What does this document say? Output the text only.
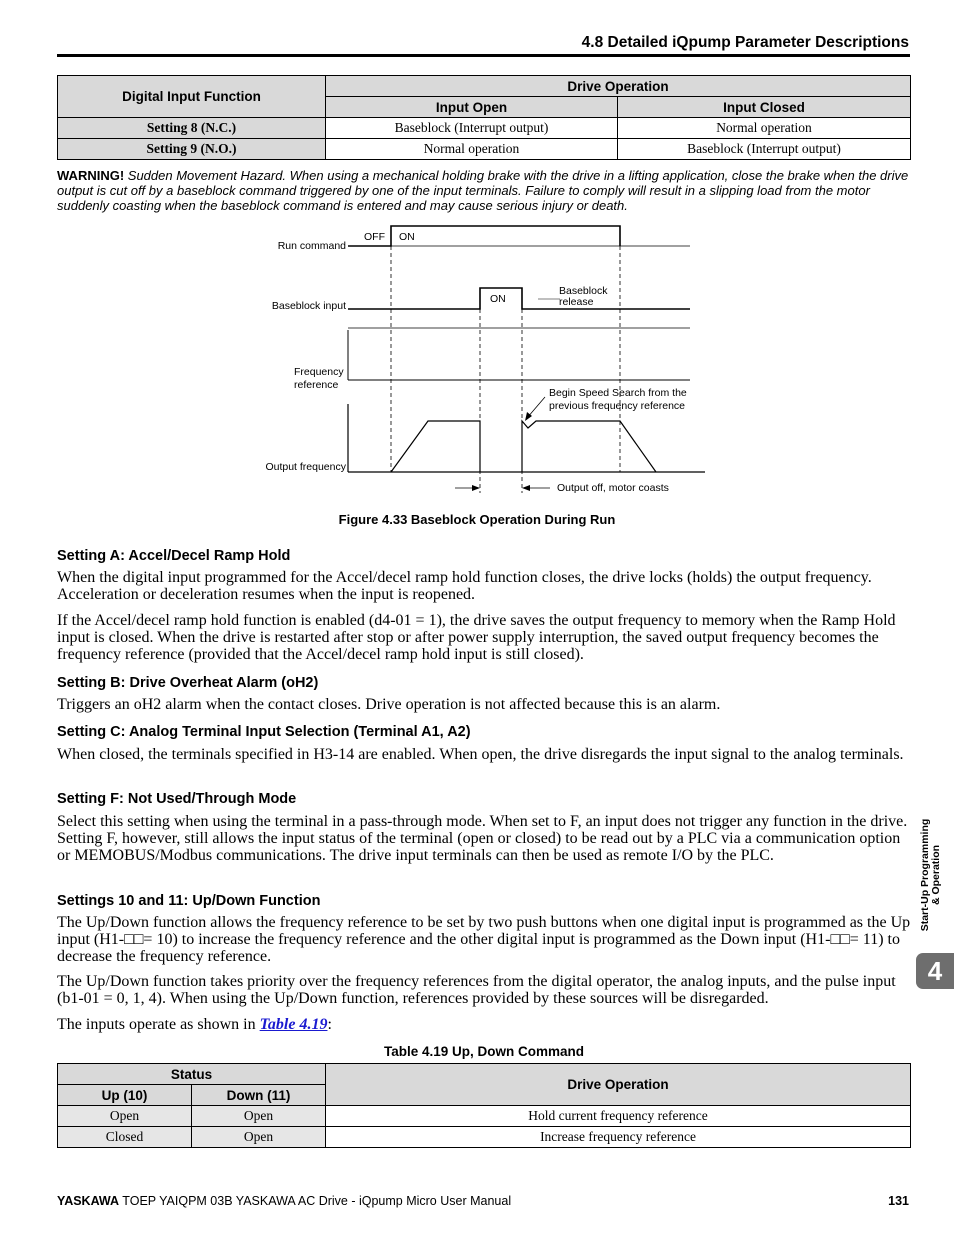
4.8 Detailed iQpump Parameter Descriptions
Digital Input Function	Drive Operation	
	Input Open	Input Closed
Setting 8 (N.C.)	Baseblock (Interrupt output)	Normal operation
Setting 9 (N.O.)	Normal operation	Baseblock (Interrupt output)
WARNING! Sudden Movement Hazard. When using a mechanical holding brake with the drive in a lifting application, close the brake when the drive output is cut off by a baseblock command triggered by one of the input terminals. Failure to comply will result in a slipping load from the motor suddenly coasting when the baseblock command is entered and may cause serious injury or death.
Run command
OFF ON
Baseblock input
ON
Baseblock
release
Frequency
reference
Begin Speed Search from the
previous frequency reference
Output frequency
Output off, motor coasts
Figure 4.33 Baseblock Operation During Run
Setting A: Accel/Decel Ramp Hold
When the digital input programmed for the Accel/decel ramp hold function closes, the drive locks (holds) the output frequency. Acceleration or deceleration resumes when the input is reopened.
If the Accel/decel ramp hold function is enabled (d4-01 = 1), the drive saves the output frequency to memory when the Ramp Hold input is closed. When the drive is restarted after stop or after power supply interruption, the saved output frequency becomes the frequency reference (provided that the Accel/decel ramp hold input is still closed).
Setting B: Drive Overheat Alarm (oH2)
Triggers an oH2 alarm when the contact closes. Drive operation is not affected because this is an alarm.
Setting C: Analog Terminal Input Selection (Terminal A1, A2)
When closed, the terminals specified in H3-14 are enabled. When open, the drive disregards the input signal to the analog terminals.
Setting F: Not Used/Through Mode
Select this setting when using the terminal in a pass-through mode. When set to F, an input does not trigger any function in the drive. Setting F, however, still allows the input status of the terminal (open or closed) to be read out by a PLC via a communication option or MEMOBUS/Modbus communications. The drive input terminals can then be used as remote I/O by the PLC.
Settings 10 and 11: Up/Down Function
The Up/Down function allows the frequency reference to be set by two push buttons when one digital input is programmed as the Up input (H1-□□= 10) to increase the frequency reference and the other digital input is programmed as the Down input (H1-□□= 11) to decrease the frequency reference.
The Up/Down function takes priority over the frequency references from the digital operator, the analog inputs, and the pulse input (b1-01 = 0, 1, 4). When using the Up/Down function, references provided by these sources will be disregarded.
The inputs operate as shown in Table 4.19:
Table 4.19 Up, Down Command
Status		Drive Operation
Up (10)	Down (11)	
Open	Open	Hold current frequency reference
Closed	Open	Increase frequency reference
Start-Up Programming & Operation
4
YASKAWA TOEP YAIQPM 03B YASKAWA AC Drive - iQpump Micro User Manual	131
